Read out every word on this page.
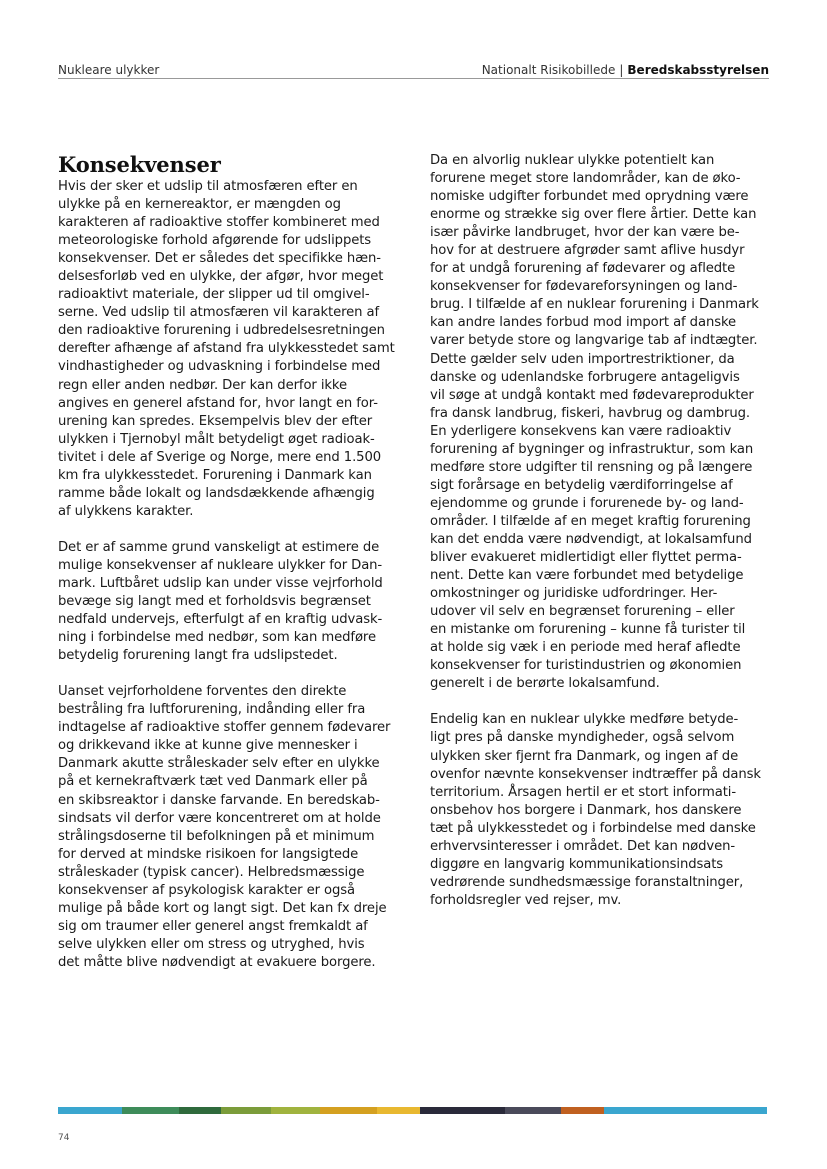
Nukleare ulykker	Nationalt Risikobillede | Beredskabsstyrelsen
Konsekvenser
Hvis der sker et udslip til atmosfæren efter en
ulykke på en kernereaktor, er mængden og
karakteren af radioaktive stoffer kombineret med
meteorologiske forhold afgørende for udslippets
konsekvenser. Det er således det specifikke hæn-
delsesforløb ved en ulykke, der afgør, hvor meget
radioaktivt materiale, der slipper ud til omgivel-
serne. Ved udslip til atmosfæren vil karakteren af
den radioaktive forurening i udbredelsesretningen
derefter afhænge af afstand fra ulykkesstedet samt
vindhastigheder og udvaskning i forbindelse med
regn eller anden nedbør. Der kan derfor ikke
angives en generel afstand for, hvor langt en for-
urening kan spredes. Eksempelvis blev der efter
ulykken i Tjernobyl målt betydeligt øget radioak-
tivitet i dele af Sverige og Norge, mere end 1.500
km fra ulykkesstedet. Forurening i Danmark kan
ramme både lokalt og landsdækkende afhængig
af ulykkens karakter.
Det er af samme grund vanskeligt at estimere de
mulige konsekvenser af nukleare ulykker for Dan-
mark. Luftbåret udslip kan under visse vejrforhold
bevæge sig langt med et forholdsvis begrænset
nedfald undervejs, efterfulgt af en kraftig udvask-
ning i forbindelse med nedbør, som kan medføre
betydelig forurening langt fra udslipstedet.
Uanset vejrforholdene forventes den direkte
bestråling fra luftforurening, indånding eller fra
indtagelse af radioaktive stoffer gennem fødevarer
og drikkevand ikke at kunne give mennesker i
Danmark akutte stråleskader selv efter en ulykke
på et kernekraftværk tæt ved Danmark eller på
en skibsreaktor i danske farvande. En beredskab-
sindsats vil derfor være koncentreret om at holde
strålingsdoserne til befolkningen på et minimum
for derved at mindske risikoen for langsigtede
stråleskader (typisk cancer). Helbredsmæssige
konsekvenser af psykologisk karakter er også
mulige på både kort og langt sigt. Det kan fx dreje
sig om traumer eller generel angst fremkaldt af
selve ulykken eller om stress og utryghed, hvis
det måtte blive nødvendigt at evakuere borgere.
Da en alvorlig nuklear ulykke potentielt kan
forurene meget store landområder, kan de øko-
nomiske udgifter forbundet med oprydning være
enorme og strække sig over flere årtier. Dette kan
især påvirke landbruget, hvor der kan være be-
hov for at destruere afgrøder samt aflive husdyr
for at undgå forurening af fødevarer og afledte
konsekvenser for fødevareforsyningen og land-
brug. I tilfælde af en nuklear forurening i Danmark
kan andre landes forbud mod import af danske
varer betyde store og langvarige tab af indtægter.
Dette gælder selv uden importrestriktioner, da
danske og udenlandske forbrugere antageligvis
vil søge at undgå kontakt med fødevareprodukter
fra dansk landbrug, fiskeri, havbrug og dambrug.
En yderligere konsekvens kan være radioaktiv
forurening af bygninger og infrastruktur, som kan
medføre store udgifter til rensning og på længere
sigt forårsage en betydelig værdiforringelse af
ejendomme og grunde i forurenede by- og land-
områder. I tilfælde af en meget kraftig forurening
kan det endda være nødvendigt, at lokalsamfund
bliver evakueret midlertidigt eller flyttet perma-
nent. Dette kan være forbundet med betydelige
omkostninger og juridiske udfordringer. Her-
udover vil selv en begrænset forurening – eller
en mistanke om forurening – kunne få turister til
at holde sig væk i en periode med heraf afledte
konsekvenser for turistindustrien og økonomien
generelt i de berørte lokalsamfund.
Endelig kan en nuklear ulykke medføre betyde-
ligt pres på danske myndigheder, også selvom
ulykken sker fjernt fra Danmark, og ingen af de
ovenfor nævnte konsekvenser indtræffer på dansk
territorium. Årsagen hertil er et stort informati-
onsbehov hos borgere i Danmark, hos danskere
tæt på ulykkesstedet og i forbindelse med danske
erhvervsinteresser i området. Det kan nødven-
diggøre en langvarig kommunikationsindsats
vedrørende sundhedsmæssige foranstaltninger,
forholdsregler ved rejser, mv.
74
